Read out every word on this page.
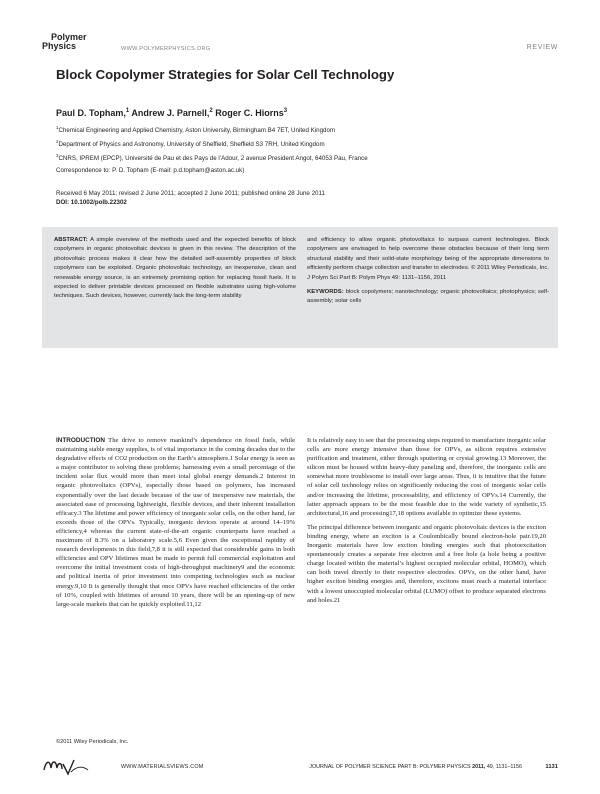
Polymer
Physics	WWW.POLYMERPHYSICS.ORG	REVIEW
Block Copolymer Strategies for Solar Cell Technology
Paul D. Topham,$^1$ Andrew J. Parnell,$^2$ Roger C. Hiorns$^3$
$^1$Chemical Engineering and Applied Chemistry, Aston University, Birmingham B4 7ET, United Kingdom
$^2$Department of Physics and Astronomy, University of Sheffield, Sheffield S3 7RH, United Kingdom
$^3$CNRS, IPREM (EPCP), Université de Pau et des Pays de l’Adour, 2 avenue President Angot, 64053 Pau, France
Correspondence to: P. D. Topham (E-mail: p.d.topham@aston.ac.uk)
Received 6 May 2011; revised 2 June 2011; accepted 2 June 2011; published online 28 June 2011
DOI: 10.1002/polb.22302
ABSTRACT: A simple overview of the methods used and the expected benefits of block copolymers in organic photovoltaic devices is given in this review. The description of the photovoltaic process makes it clear how the detailed self-assembly properties of block copolymers can be exploited. Organic photovoltaic technology, an inexpensive, clean and renewable energy source, is an extremely promising option for replacing fossil fuels. It is expected to deliver printable devices processed on flexible substrates using high-volume techniques. Such devices, however, currently lack the long-term stability
and efficiency to allow organic photovoltaics to surpass current technologies. Block copolymers are envisaged to help overcome these obstacles because of their long term structural stability and their solid-state morphology being of the appropriate dimensions to efficiently perform charge collection and transfer to electrodes. © 2011 Wiley Periodicals, Inc. J Polym Sci Part B: Polym Phys 49: 1131–1156, 2011
KEYWORDS: block copolymers; nanotechnology; organic photovoltaics; photophysics; self-assembly; solar cells

INTRODUCTION The drive to remove mankind’s dependence on fossil fuels, while maintaining stable energy supplies, is of vital importance in the coming decades due to the degradative effects of CO2 production on the Earth’s atmosphere.1 Solar energy is seen as a major contributor to solving these problems; harnessing even a small percentage of the incident solar flux would more than meet total global energy demands.2 Interest in organic photovoltaics (OPVs), especially those based on polymers, has increased exponentially over the last decade because of the use of inexpensive raw materials, the associated ease of processing lightweight, flexible devices, and their inherent installation efficacy.3 The lifetime and power efficiency of inorganic solar cells, on the other hand, far exceeds those of the OPVs. Typically, inorganic devices operate at around 14–19% efficiency,4 whereas the current state-of-the-art organic counterparts have reached a maximum of 8.3% on a laboratory scale.5,6 Even given the exceptional rapidity of research developments in this field,7,8 it is still expected that considerable gains in both efficiencies and OPV lifetimes must be made to permit full commercial exploitation and overcome the initial investment costs of high-throughput machinery9 and the economic and political inertia of prior investment into competing technologies such as nuclear energy.9,10 It is generally thought that once OPVs have reached efficiencies of the order of 10%, coupled with lifetimes of around 10 years, there will be an opening-up of new large-scale markets that can be quickly exploited.11,12

It is relatively easy to see that the processing steps required to manufacture inorganic solar cells are more energy intensive than those for OPVs, as silicon requires extensive purification and treatment, either through sputtering or crystal growing.13 Moreover, the silicon must be housed within heavy-duty paneling and, therefore, the inorganic cells are somewhat more troublesome to install over large areas. Thus, it is intuitive that the future of solar cell technology relies on significantly reducing the cost of inorganic solar cells and/or increasing the lifetime, processability, and efficiency of OPVs.14 Currently, the latter approach appears to be the most feasible due to the wide variety of synthetic,15 architectural,16 and processing17,18 options available to optimize these systems.

The principal difference between inorganic and organic photovoltaic devices is the exciton binding energy, where an exciton is a Coulombically bound electron-hole pair.19,20 Inorganic materials have low exciton binding energies such that photoexcitation spontaneously creates a separate free electron and a free hole (a hole being a positive charge located within the material’s highest occupied molecular orbital, HOMO), which can both travel directly to their respective electrodes. OPVs, on the other hand, have higher exciton binding energies and, therefore, excitons must reach a material interface with a lowest unoccupied molecular orbital (LUMO) offset to produce separated electrons and holes.21

©2011 Wiley Periodicals, Inc.
WWW.MATERIALSVIEWS.COM	JOURNAL OF POLYMER SCIENCE PART B: POLYMER PHYSICS 2011, 49, 1131–1156	1131
